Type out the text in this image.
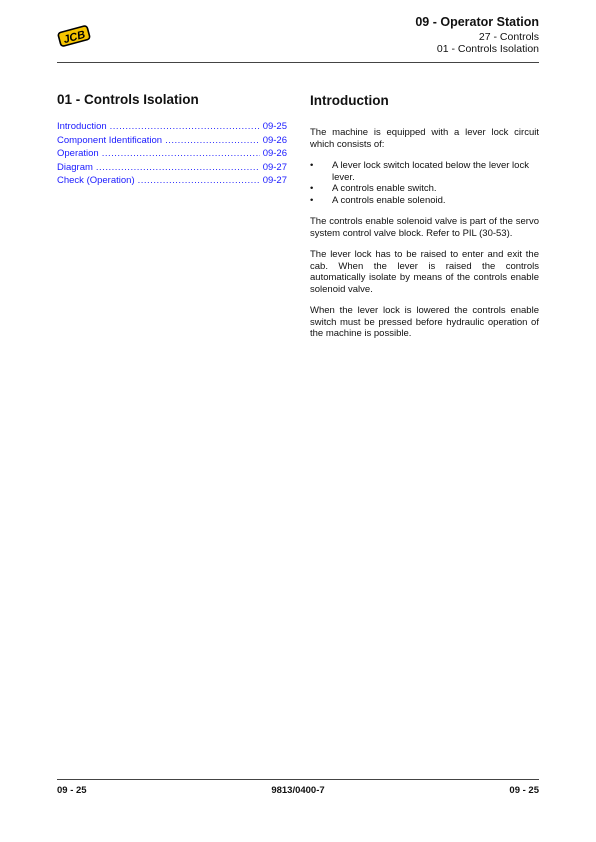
JCB
09 - Operator Station
27 - Controls
01 - Controls Isolation
01 - Controls Isolation
Introduction .....	09-25
Component Identification .....	09-26
Operation .....	09-26
Diagram .....	09-27
Check (Operation) .....	09-27
Introduction

The machine is equipped with a lever lock circuit which consists of:

• A lever lock switch located below the lever lock lever.
• A controls enable switch.
• A controls enable solenoid.

The controls enable solenoid valve is part of the servo system control valve block. Refer to PIL (30-53).

The lever lock has to be raised to enter and exit the cab. When the lever is raised the controls automatically isolate by means of the controls enable solenoid valve.

When the lever lock is lowered the controls enable switch must be pressed before hydraulic operation of the machine is possible.

09 - 25	9813/0400-7	09 - 25
